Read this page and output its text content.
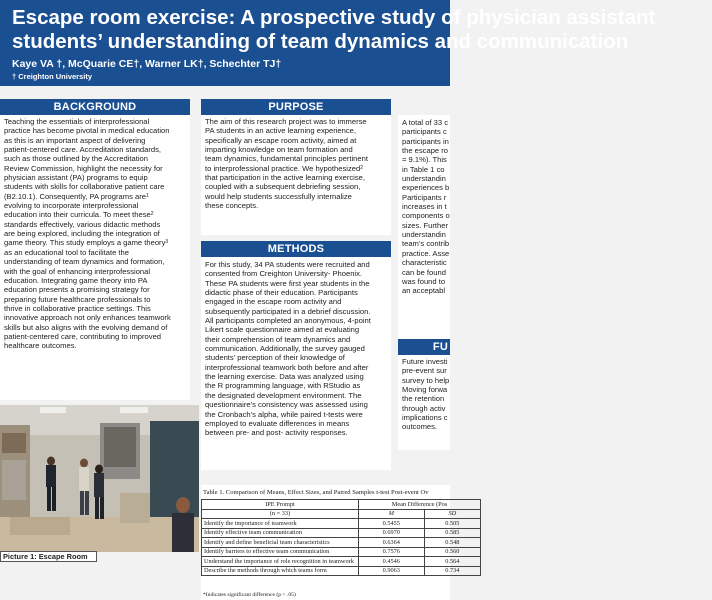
Escape room exercise: A prospective study of physician assistant
students’ understanding of team dynamics and communication
Kaye VA †, McQuarie CE†, Warner LK†, Schechter TJ†
† Creighton University
BACKGROUND

Teaching the essentials of interprofessional

practice has become pivotal in medical education

as this is an important aspect of delivering

patient-centered care. Accreditation standards,

such as those outlined by the Accreditation

Review Commission, highlight the necessity for

physician assistant (PA) programs to equip

students with skills for collaborative patient care

(B2.10.1). Consequently, PA programs are$^1$

evolving to incorporate interprofessional

education into their curricula. To meet these$^2$

standards effectively, various didactic methods

are being explored, including the integration of

game theory. This study employs a game theory$^3$

as an educational tool to facilitate the

understanding of team dynamics and formation,

with the goal of enhancing interprofessional

education. Integrating game theory into PA

education presents a promising strategy for

preparing future healthcare professionals to

thrive in collaborative practice settings. This

innovative approach not only enhances teamwork

skills but also aligns with the evolving demand of

patient-centered care, contributing to improved

healthcare outcomes.

PURPOSE

The aim of this research project was to immerse

PA students in an active learning experience,

specifically an escape room activity, aimed at

imparting knowledge on team formation and

team dynamics, fundamental principles pertinent

to interprofessional practice. We hypothesized$^2$

that participation in the active learning exercise,

coupled with a subsequent debriefing session,

would help students successfully internalize

these concepts.

METHODS

For this study, 34 PA students were recruited and

consented from Creighton University- Phoenix.

These PA students were first year students in the

didactic phase of their education. Participants

engaged in the escape room activity and

subsequently participated in a debrief discussion.

All participants completed an anonymous, 4-point

Likert scale questionnaire aimed at evaluating

their comprehension of team dynamics and

communication. Additionally, the survey gauged

students’ perception of their knowledge of

interprofessional teamwork both before and after

the learning exercise. Data was analyzed using

the R programming language, with RStudio as

the designated development environment. The

questionnaire’s consistency was assessed using

the Cronbach’s alpha, while paired t-tests were

employed to evaluate differences in means

between pre- and post- activity responses.

A total of 33 c

participants c

participants in

the escape ro

= 9.1%). This

in Table 1 co

understandin

experiences b

Participants r

increases in t

components o

sizes. Further

understandin

team’s contrib

practice. Asse

characteristic

can be found

was found to

an acceptabl

FU

Future investi

pre-event sur

survey to help

Moving forwa

the retention

through activ

implications c

outcomes.

Picture 1: Escape Room
Table 1. Comparison of Means, Effect Sizes, and Paired Samples t-test Post-event Ov
IPE Prompt	Mean Difference (Pos	
(n = 33)	M	SD
Identify the importance of teamwork	0.5455	0.505
Identify effective team communication	0.6970	0.585
Identify and define beneficial team characteristics	0.6364	0.548
Identify barriers to effective team communication	0.7576	0.560
Understand the importance of role recognition in teamwork	0.4546	0.564
Describe the methods through which teams form	0.9063	0.734
*Indicates significant difference (p < .05)
